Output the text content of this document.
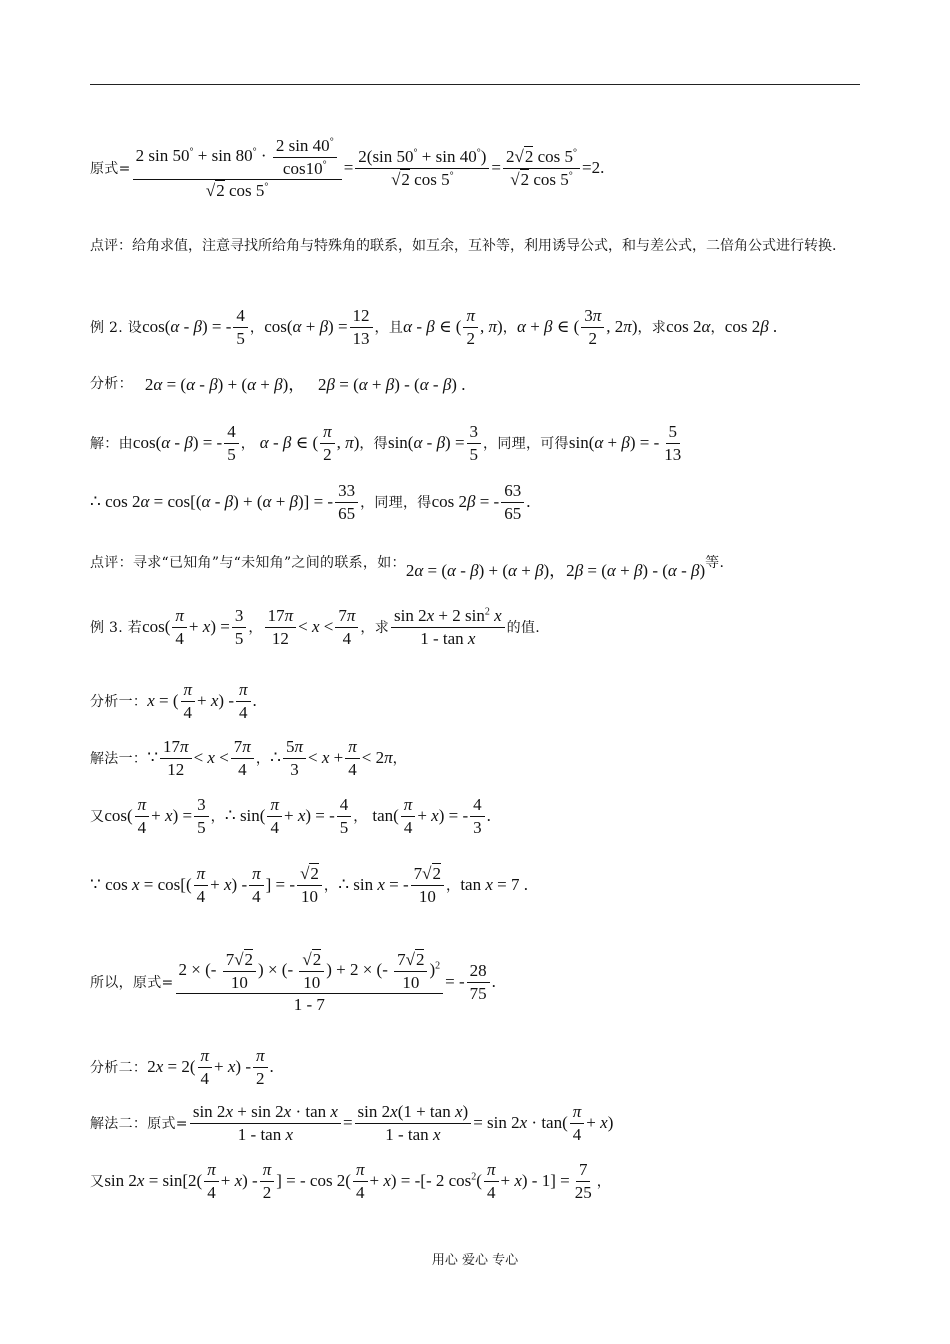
原式= $\frac{2 \sin 50^\circ + \sin 80^\circ \cdot \frac{2 \sin 40^\circ}{\cos 10^\circ}}{√2 \cos 5^\circ} = \frac{2(\sin 50^\circ + \sin 40^\circ)}{√2 \cos 5^\circ} = \frac{2√2 \cos 5^\circ}{√2 \cos 5^\circ} =2$ .
点评：给角求值，注意寻找所给角与特殊角的联系，如互余，互补等，利用诱导公式，和与差公式，二倍角公式进行转换.
例 2. 设 cos(α - β) = - $\frac{4}{5}$ ， $\cos(\alpha + \beta) = \frac{12}{13}$ ，且 α - β ∈ ( $\frac{\pi}{2}$ , π) ， α + β ∈ ( $\frac{3\pi}{2}$ , 2π) ，求 cos 2α ， cos 2β .
分析： 2α = (α - β) + (α + β)，   2β = (α + β) - (α - β) .
解：由 cos(α - β) = - $\frac{4}{5}$ ， α - β ∈ ( $\frac{\pi}{2}$ , π) ，得 $\sin(\alpha - \beta) = \frac{3}{5}$ ，同理，可得 sin(α + β) = - $\frac{5}{13}$
∴ cos 2α = cos[(α - β) + (α + β)] = - $\frac{33}{65}$ ，同理，得 cos 2β = - $\frac{63}{65}$ .
点评：寻求“已知角”与“未知角”之间的联系，如： 2α = (α - β) + (α + β)，2β = (α + β) - (α - β) 等.
例 3. 若 $\cos( \frac{\pi}{4} + x) = \frac{3}{5}$ ， $\frac{17\pi}{12} < x < \frac{7\pi}{4}$ ，求 $\frac{\sin 2x + 2 \sin^2 x}{\text{1 - tan x}}$ 的值.
分析一： x = ( $\frac{\pi}{4} + x) - \frac{\pi}{4}$ .
解法一： ∵ $\frac{17\pi}{12} < x < \frac{7\pi}{4}$ ， ∴ $\frac{5\pi}{3} < x + \frac{\pi}{4} < 2\pi$ ，
又 $\cos( \frac{\pi}{4} + x) = \frac{3}{5}$ ， ∴ $\sin( \frac{\pi}{4} + x)$ = - $\frac{4}{5}$ ， $\tan( \frac{\pi}{4} + x)$ = - $\frac{4}{3}$ .
∵ $\cos x = \cos[( \frac{\pi}{4} + x) - \frac{\pi}{4}$ ] = - $\frac{√2}{10}$ ， ∴ sin x = - $\frac{7√2}{10}$ ， tan x = 7 .
所以，原式= $\frac{2 \times (- \frac{7√2}{10} ) \times (- \frac{√2}{10} ) + 2 \times (- \frac{7√2}{10} )^2}{1 - 7}$ = - $\frac{28}{75}$ .
分析二： $2x = 2( \frac{\pi}{4} + x) - \frac{\pi}{2}$ .
解法二：原式= $\frac{\text{sin 2x + sin 2x · tan x}}{\text{1 - tan x}} = \frac{\text{sin 2x(1 + tan x)}}{\text{1 - tan x}} = \sin 2x \cdot \tan( \frac{\pi}{4} + x)$
又 $\sin 2x = \sin[2( \frac{\pi}{4} + x) - \frac{\pi}{2}$ ] = - $\cos 2( \frac{\pi}{4} + x)$ = -[- 2 $\cos^2( \frac{\pi}{4} + x) - 1] = \frac{7}{25}$ ，
用心 爱心 专心
